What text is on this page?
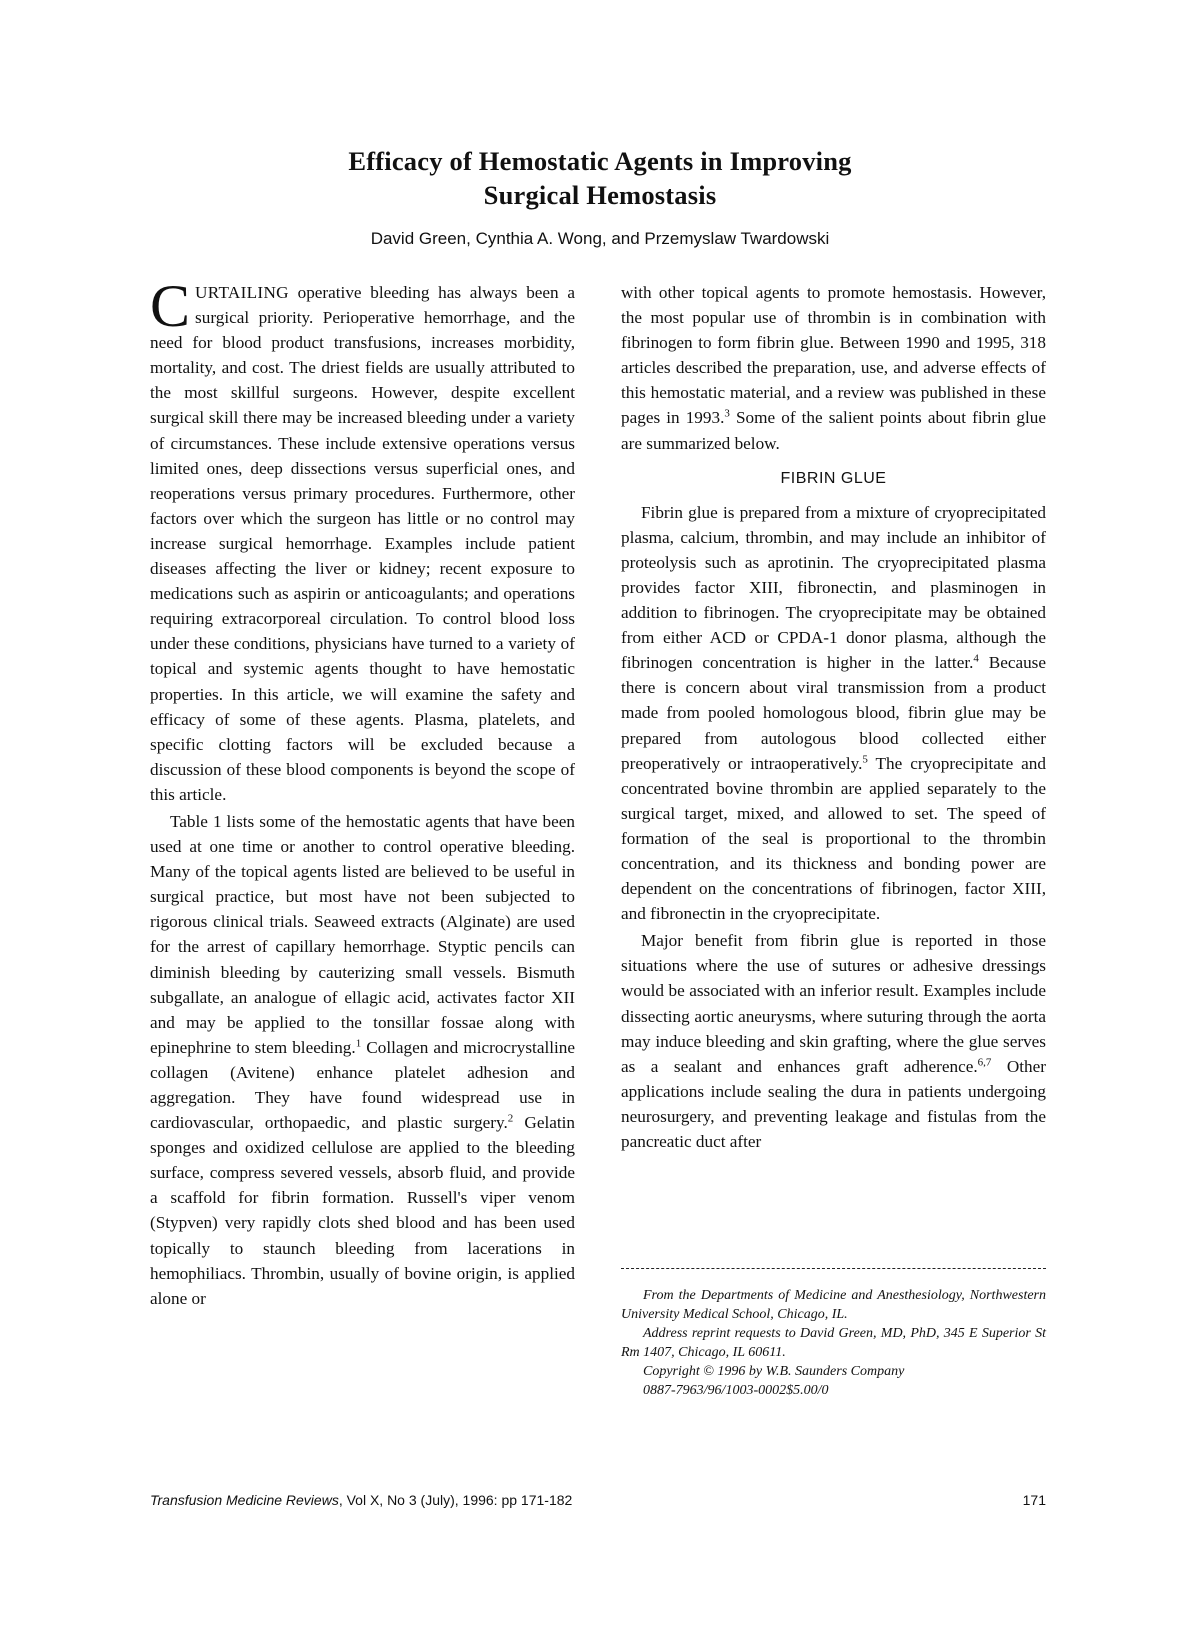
Efficacy of Hemostatic Agents in Improving
Surgical Hemostasis
David Green, Cynthia A. Wong, and Przemyslaw Twardowski

CURTAILING operative bleeding has always been a surgical priority. Perioperative hemorrhage, and the need for blood product transfusions, increases morbidity, mortality, and cost. The driest fields are usually attributed to the most skillful surgeons. However, despite excellent surgical skill there may be increased bleeding under a variety of circumstances. These include extensive operations versus limited ones, deep dissections versus superficial ones, and reoperations versus primary procedures. Furthermore, other factors over which the surgeon has little or no control may increase surgical hemorrhage. Examples include patient diseases affecting the liver or kidney; recent exposure to medications such as aspirin or anticoagulants; and operations requiring extracorporeal circulation. To control blood loss under these conditions, physicians have turned to a variety of topical and systemic agents thought to have hemostatic properties. In this article, we will examine the safety and efficacy of some of these agents. Plasma, platelets, and specific clotting factors will be excluded because a discussion of these blood components is beyond the scope of this article.

Table 1 lists some of the hemostatic agents that have been used at one time or another to control operative bleeding. Many of the topical agents listed are believed to be useful in surgical practice, but most have not been subjected to rigorous clinical trials. Seaweed extracts (Alginate) are used for the arrest of capillary hemorrhage. Styptic pencils can diminish bleeding by cauterizing small vessels. Bismuth subgallate, an analogue of ellagic acid, activates factor XII and may be applied to the tonsillar fossae along with epinephrine to stem bleeding.$^1$ Collagen and microcrystalline collagen (Avitene) enhance platelet adhesion and aggregation. They have found widespread use in cardiovascular, orthopaedic, and plastic surgery.$^2$ Gelatin sponges and oxidized cellulose are applied to the bleeding surface, compress severed vessels, absorb fluid, and provide a scaffold for fibrin formation. Russell's viper venom (Stypven) very rapidly clots shed blood and has been used topically to staunch bleeding from lacerations in hemophiliacs. Thrombin, usually of bovine origin, is applied alone or

with other topical agents to promote hemostasis. However, the most popular use of thrombin is in combination with fibrinogen to form fibrin glue. Between 1990 and 1995, 318 articles described the preparation, use, and adverse effects of this hemostatic material, and a review was published in these pages in 1993.$^3$ Some of the salient points about fibrin glue are summarized below.

FIBRIN GLUE

Fibrin glue is prepared from a mixture of cryoprecipitated plasma, calcium, thrombin, and may include an inhibitor of proteolysis such as aprotinin. The cryoprecipitated plasma provides factor XIII, fibronectin, and plasminogen in addition to fibrinogen. The cryoprecipitate may be obtained from either ACD or CPDA-1 donor plasma, although the fibrinogen concentration is higher in the latter.$^4$ Because there is concern about viral transmission from a product made from pooled homologous blood, fibrin glue may be prepared from autologous blood collected either preoperatively or intraoperatively.$^5$ The cryoprecipitate and concentrated bovine thrombin are applied separately to the surgical target, mixed, and allowed to set. The speed of formation of the seal is proportional to the thrombin concentration, and its thickness and bonding power are dependent on the concentrations of fibrinogen, factor XIII, and fibronectin in the cryoprecipitate.

Major benefit from fibrin glue is reported in those situations where the use of sutures or adhesive dressings would be associated with an inferior result. Examples include dissecting aortic aneurysms, where suturing through the aorta may induce bleeding and skin grafting, where the glue serves as a sealant and enhances graft adherence.$^{6,7}$ Other applications include sealing the dura in patients undergoing neurosurgery, and preventing leakage and fistulas from the pancreatic duct after

From the Departments of Medicine and Anesthesiology, Northwestern University Medical School, Chicago, IL.

Address reprint requests to David Green, MD, PhD, 345 E Superior St Rm 1407, Chicago, IL 60611.

Copyright © 1996 by W.B. Saunders Company

0887-7963/96/1003-0002$5.00/0

Transfusion Medicine Reviews, Vol X, No 3 (July), 1996: pp 171-182	171
